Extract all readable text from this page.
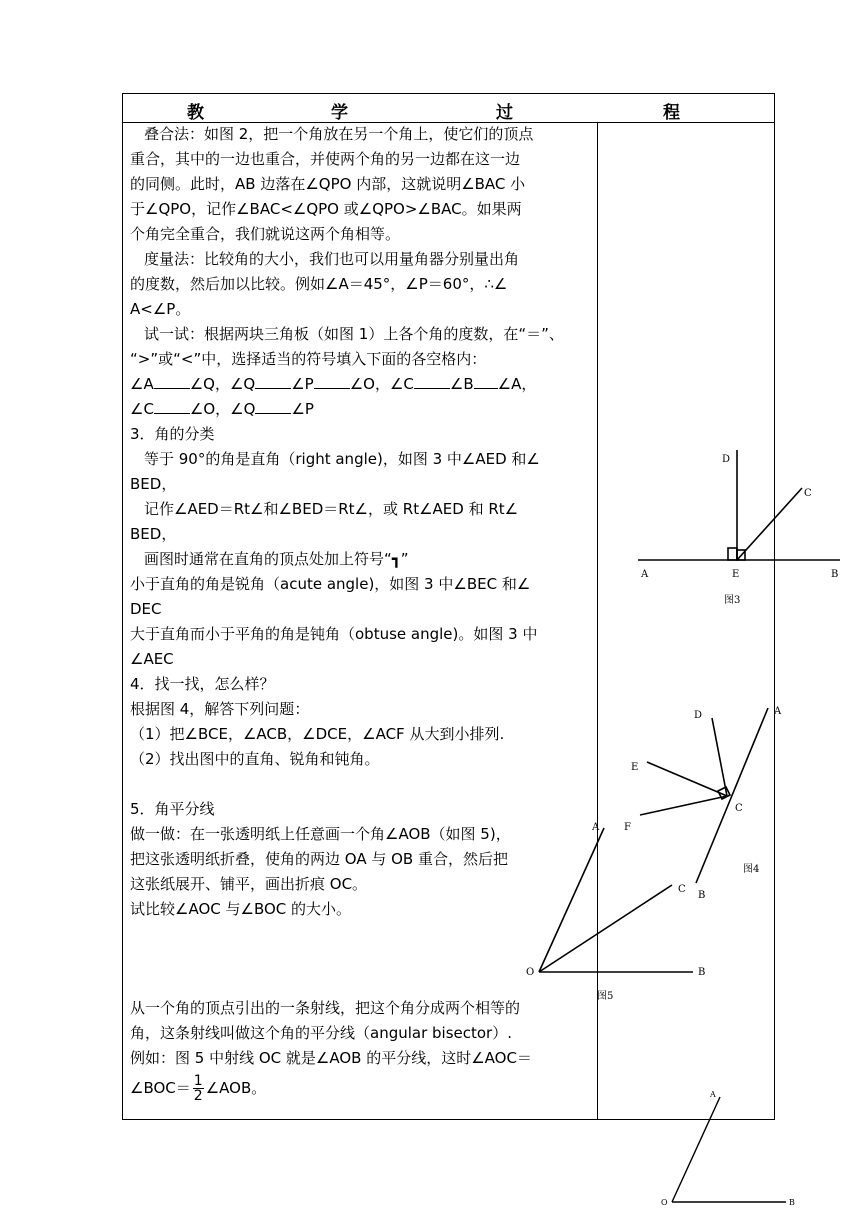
教	学	过	程

叠合法：如图 2，把一个角放在另一个角上，使它们的顶点

重合，其中的一边也重合，并使两个角的另一边都在这一边

的同侧。此时，AB 边落在∠QPO 内部，这就说明∠BAC 小

于∠QPO，记作∠BAC<∠QPO 或∠QPO>∠BAC。如果两

个角完全重合，我们就说这两个角相等。

度量法：比较角的大小，我们也可以用量角器分别量出角

的度数，然后加以比较。例如∠A＝45°，∠P＝60°，∴∠

A<∠P。

试一试：根据两块三角板（如图 1）上各个角的度数，在“＝”、

“>”或“<”中，选择适当的符号填入下面的各空格内：

∠A ∠Q，∠Q ∠P ∠O，∠C ∠B ∠A，

∠C ∠O，∠Q ∠P

3．角的分类

等于 90°的角是直角（right angle)，如图 3 中∠AED 和∠

BED，

记作∠AED＝Rt∠和∠BED＝Rt∠，或 Rt∠AED 和 Rt∠

BED，

画图时通常在直角的顶点处加上符号“┓”

小于直角的角是锐角（acute angle)，如图 3 中∠BEC 和∠

DEC

大于直角而小于平角的角是钝角（obtuse angle)。如图 3 中

∠AEC

4．找一找，怎么样？

根据图 4，解答下列问题：

（1）把∠BCE，∠ACB，∠DCE，∠ACF 从大到小排列.

（2）找出图中的直角、锐角和钝角。

5．角平分线

做一做：在一张透明纸上任意画一个角∠AOB（如图 5)，

把这张透明纸折叠，使角的两边 OA 与 OB 重合，然后把

这张纸展开、铺平，画出折痕 OC。

试比较∠AOC 与∠BOC 的大小。

从一个角的顶点引出的一条射线，把这个角分成两个相等的

角，这条射线叫做这个角的平分线（angular bisector）.

例如：图 5 中射线 OC 就是∠AOB 的平分线，这时∠AOC＝

∠BOC＝ $\frac{1}{2}$ ∠AOB。

D
C
A	E	B
图3
D	A
E
C
F
B
图4
A
C
O	B
图5
A
O	B
